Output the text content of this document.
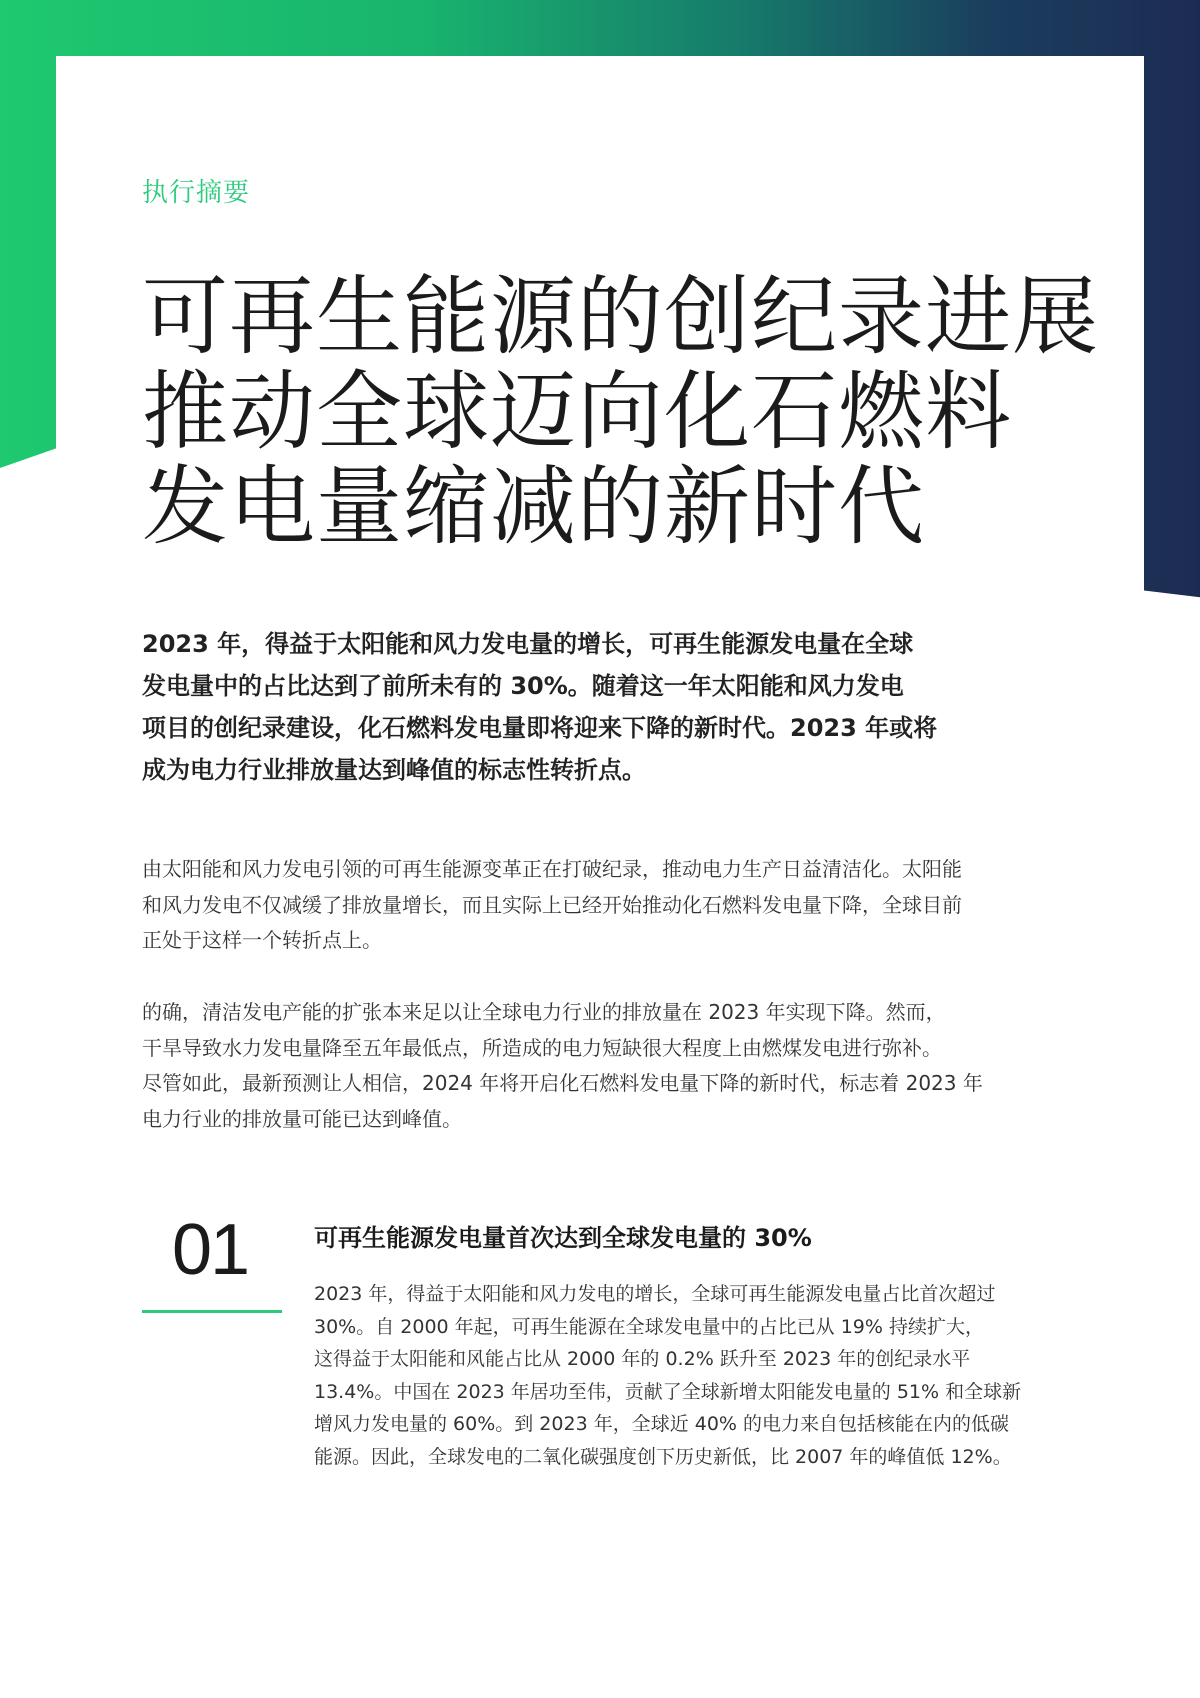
执行摘要
可再生能源的创纪录进展
推动全球迈向化石燃料
发电量缩减的新时代

2023 年，得益于太阳能和风力发电量的增长，可再生能源发电量在全球
发电量中的占比达到了前所未有的 30%。随着这一年太阳能和风力发电
项目的创纪录建设，化石燃料发电量即将迎来下降的新时代。2023 年或将
成为电力行业排放量达到峰值的标志性转折点。

由太阳能和风力发电引领的可再生能源变革正在打破纪录，推动电力生产日益清洁化。太阳能
和风力发电不仅减缓了排放量增长，而且实际上已经开始推动化石燃料发电量下降，全球目前
正处于这样一个转折点上。

的确，清洁发电产能的扩张本来足以让全球电力行业的排放量在 2023 年实现下降。然而，
干旱导致水力发电量降至五年最低点，所造成的电力短缺很大程度上由燃煤发电进行弥补。
尽管如此，最新预测让人相信，2024 年将开启化石燃料发电量下降的新时代，标志着 2023 年
电力行业的排放量可能已达到峰值。

01	可再生能源发电量首次达到全球发电量的 30%

2023 年，得益于太阳能和风力发电的增长，全球可再生能源发电量占比首次超过
30%。自 2000 年起，可再生能源在全球发电量中的占比已从 19% 持续扩大，
这得益于太阳能和风能占比从 2000 年的 0.2% 跃升至 2023 年的创纪录水平
13.4%。中国在 2023 年居功至伟，贡献了全球新增太阳能发电量的 51% 和全球新
增风力发电量的 60%。到 2023 年，全球近 40% 的电力来自包括核能在内的低碳
能源。因此，全球发电的二氧化碳强度创下历史新低，比 2007 年的峰值低 12%。
